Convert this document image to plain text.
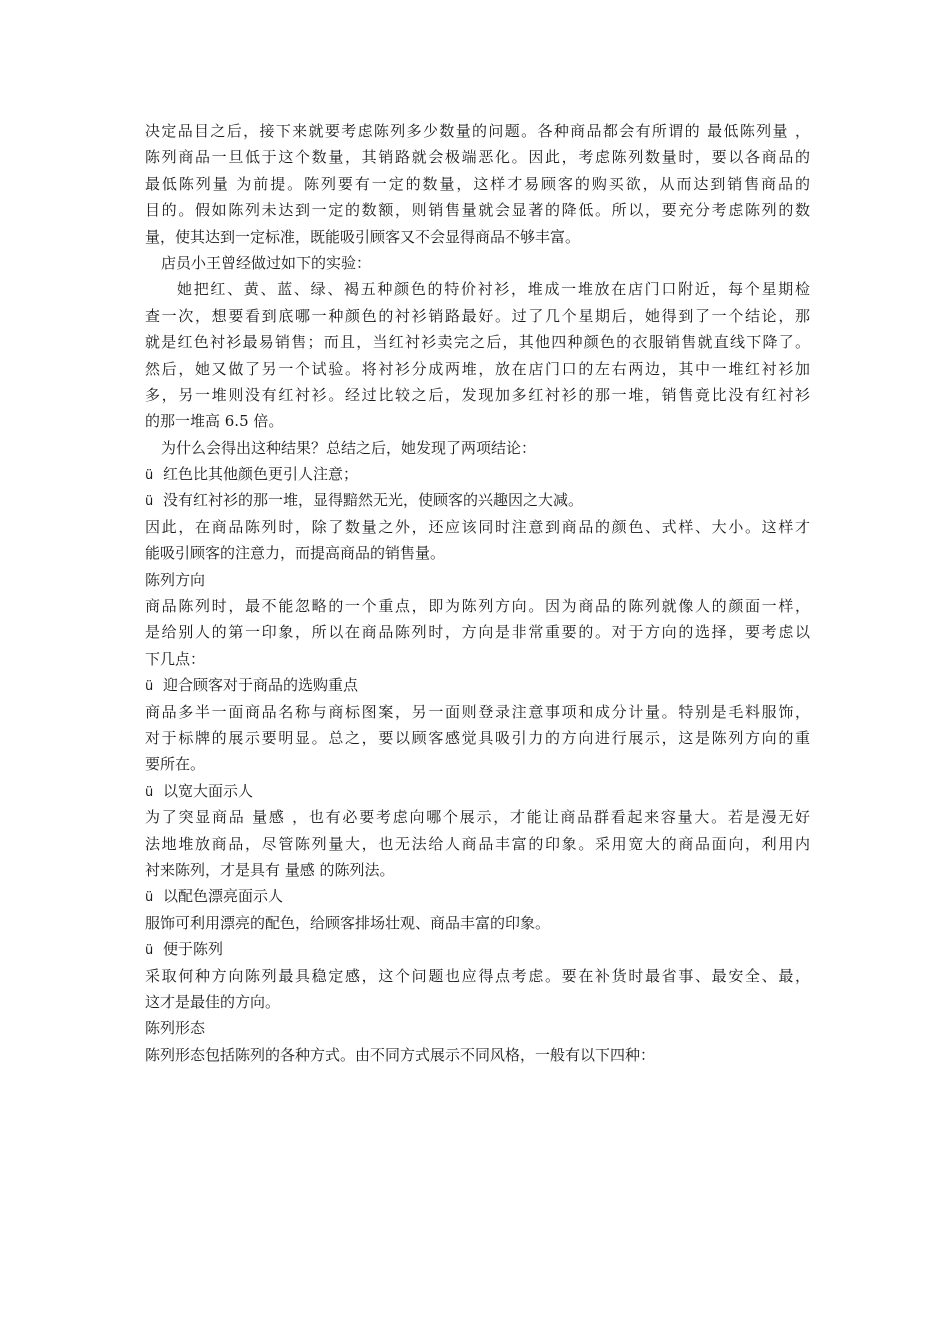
决定品目之后，接下来就要考虑陈列多少数量的问题。各种商品都会有所谓的 最低陈列量 ，
陈列商品一旦低于这个数量，其销路就会极端恶化。因此，考虑陈列数量时，要以各商品的
最低陈列量 为前提。陈列要有一定的数量，这样才易顾客的购买欲，从而达到销售商品的
目的。假如陈列未达到一定的数额，则销售量就会显著的降低。所以，要充分考虑陈列的数
量，使其达到一定标准，既能吸引顾客又不会显得商品不够丰富。
店员小王曾经做过如下的实验：
她把红、黄、蓝、绿、褐五种颜色的特价衬衫，堆成一堆放在店门口附近，每个星期检
查一次，想要看到底哪一种颜色的衬衫销路最好。过了几个星期后，她得到了一个结论，那
就是红色衬衫最易销售；而且，当红衬衫卖完之后，其他四种颜色的衣服销售就直线下降了。
然后，她又做了另一个试验。将衬衫分成两堆，放在店门口的左右两边，其中一堆红衬衫加
多，另一堆则没有红衬衫。经过比较之后，发现加多红衬衫的那一堆，销售竟比没有红衬衫
的那一堆高 6.5 倍。
为什么会得出这种结果？总结之后，她发现了两项结论：
ü 红色比其他颜色更引人注意；
ü 没有红衬衫的那一堆，显得黯然无光，使顾客的兴趣因之大减。
因此，在商品陈列时，除了数量之外，还应该同时注意到商品的颜色、式样、大小。这样才
能吸引顾客的注意力，而提高商品的销售量。
陈列方向
商品陈列时，最不能忽略的一个重点，即为陈列方向。因为商品的陈列就像人的颜面一样，
是给别人的第一印象，所以在商品陈列时，方向是非常重要的。对于方向的选择，要考虑以
下几点：
ü 迎合顾客对于商品的选购重点
商品多半一面商品名称与商标图案，另一面则登录注意事项和成分计量。特别是毛料服饰，
对于标牌的展示要明显。总之，要以顾客感觉具吸引力的方向进行展示，这是陈列方向的重
要所在。
ü 以宽大面示人
为了突显商品 量感 ，也有必要考虑向哪个展示，才能让商品群看起来容量大。若是漫无好
法地堆放商品，尽管陈列量大，也无法给人商品丰富的印象。采用宽大的商品面向，利用内
衬来陈列，才是具有 量感 的陈列法。
ü 以配色漂亮面示人
服饰可利用漂亮的配色，给顾客排场壮观、商品丰富的印象。
ü 便于陈列
采取何种方向陈列最具稳定感，这个问题也应得点考虑。要在补货时最省事、最安全、最，
这才是最佳的方向。
陈列形态
陈列形态包括陈列的各种方式。由不同方式展示不同风格，一般有以下四种：
